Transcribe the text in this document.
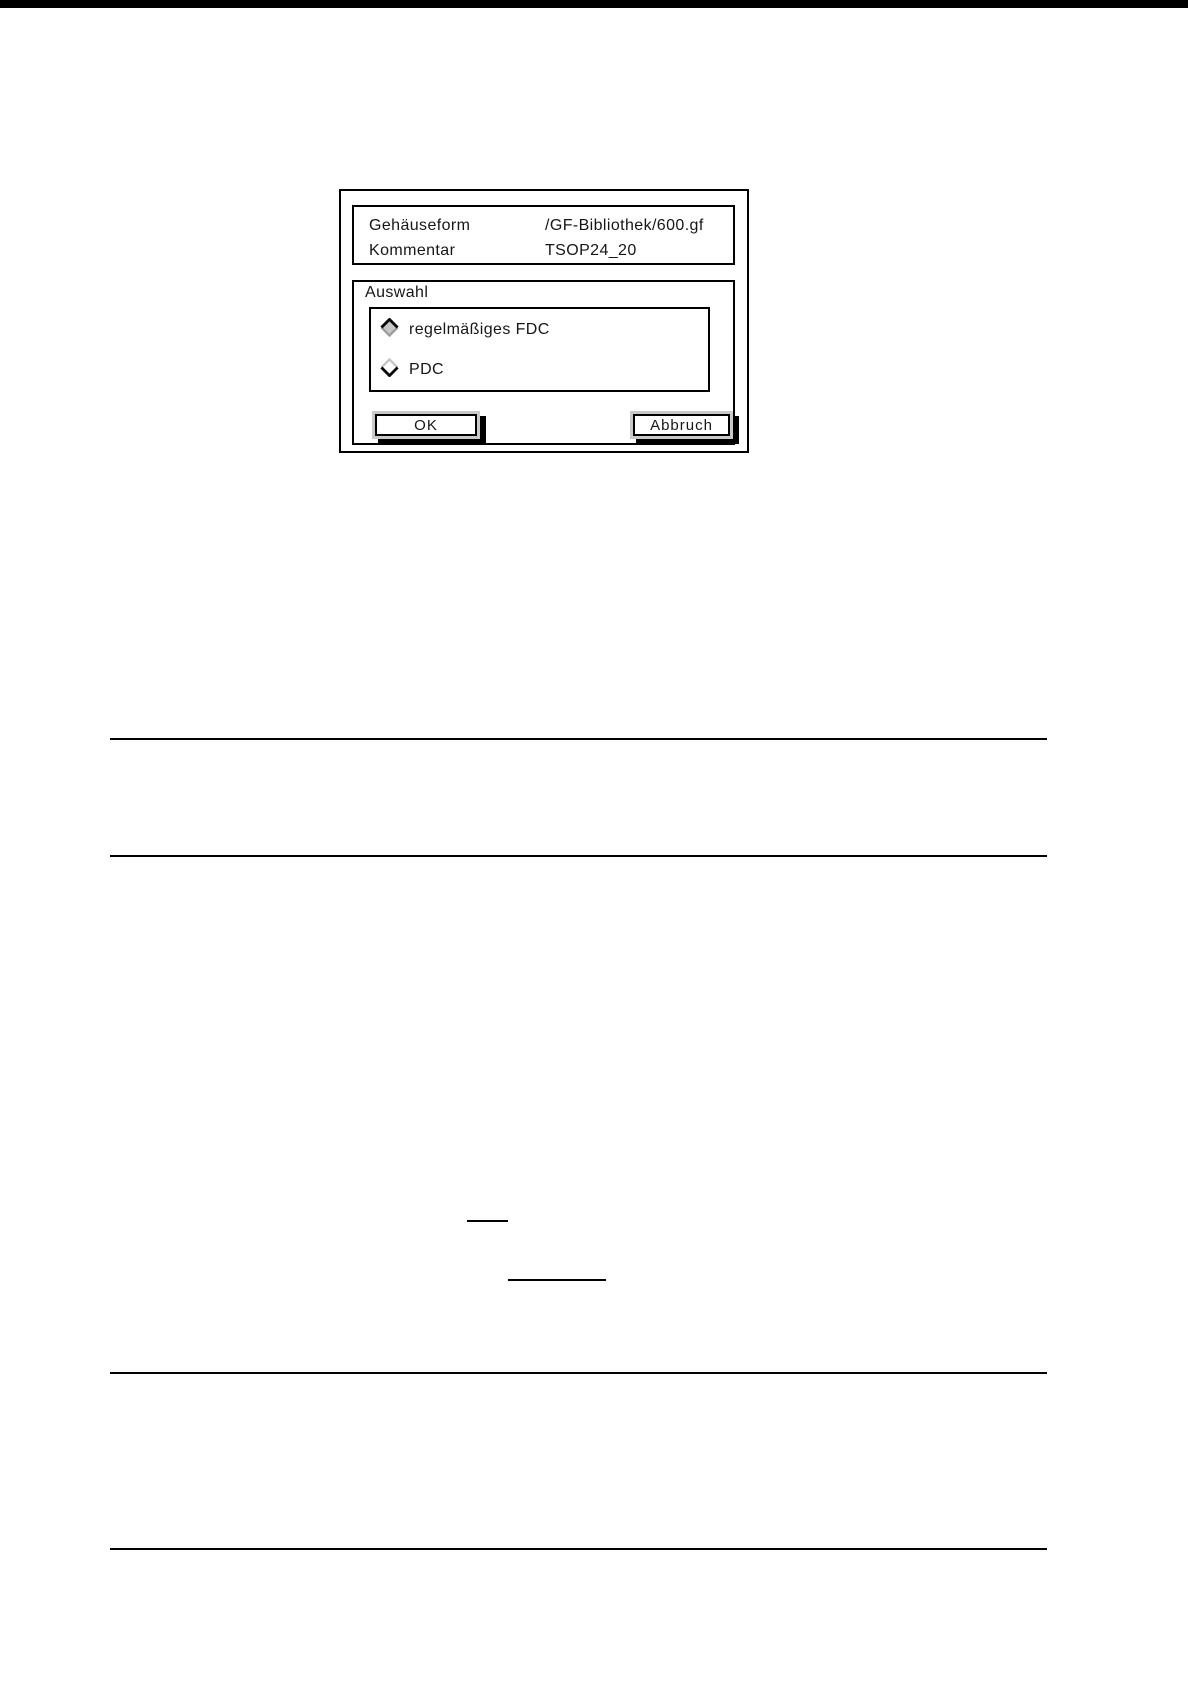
Gehäuseform	/GF-Bibliothek/600.gf
Kommentar	TSOP24_20
Auswahl
regelmäßiges FDC
PDC
OK	Abbruch
